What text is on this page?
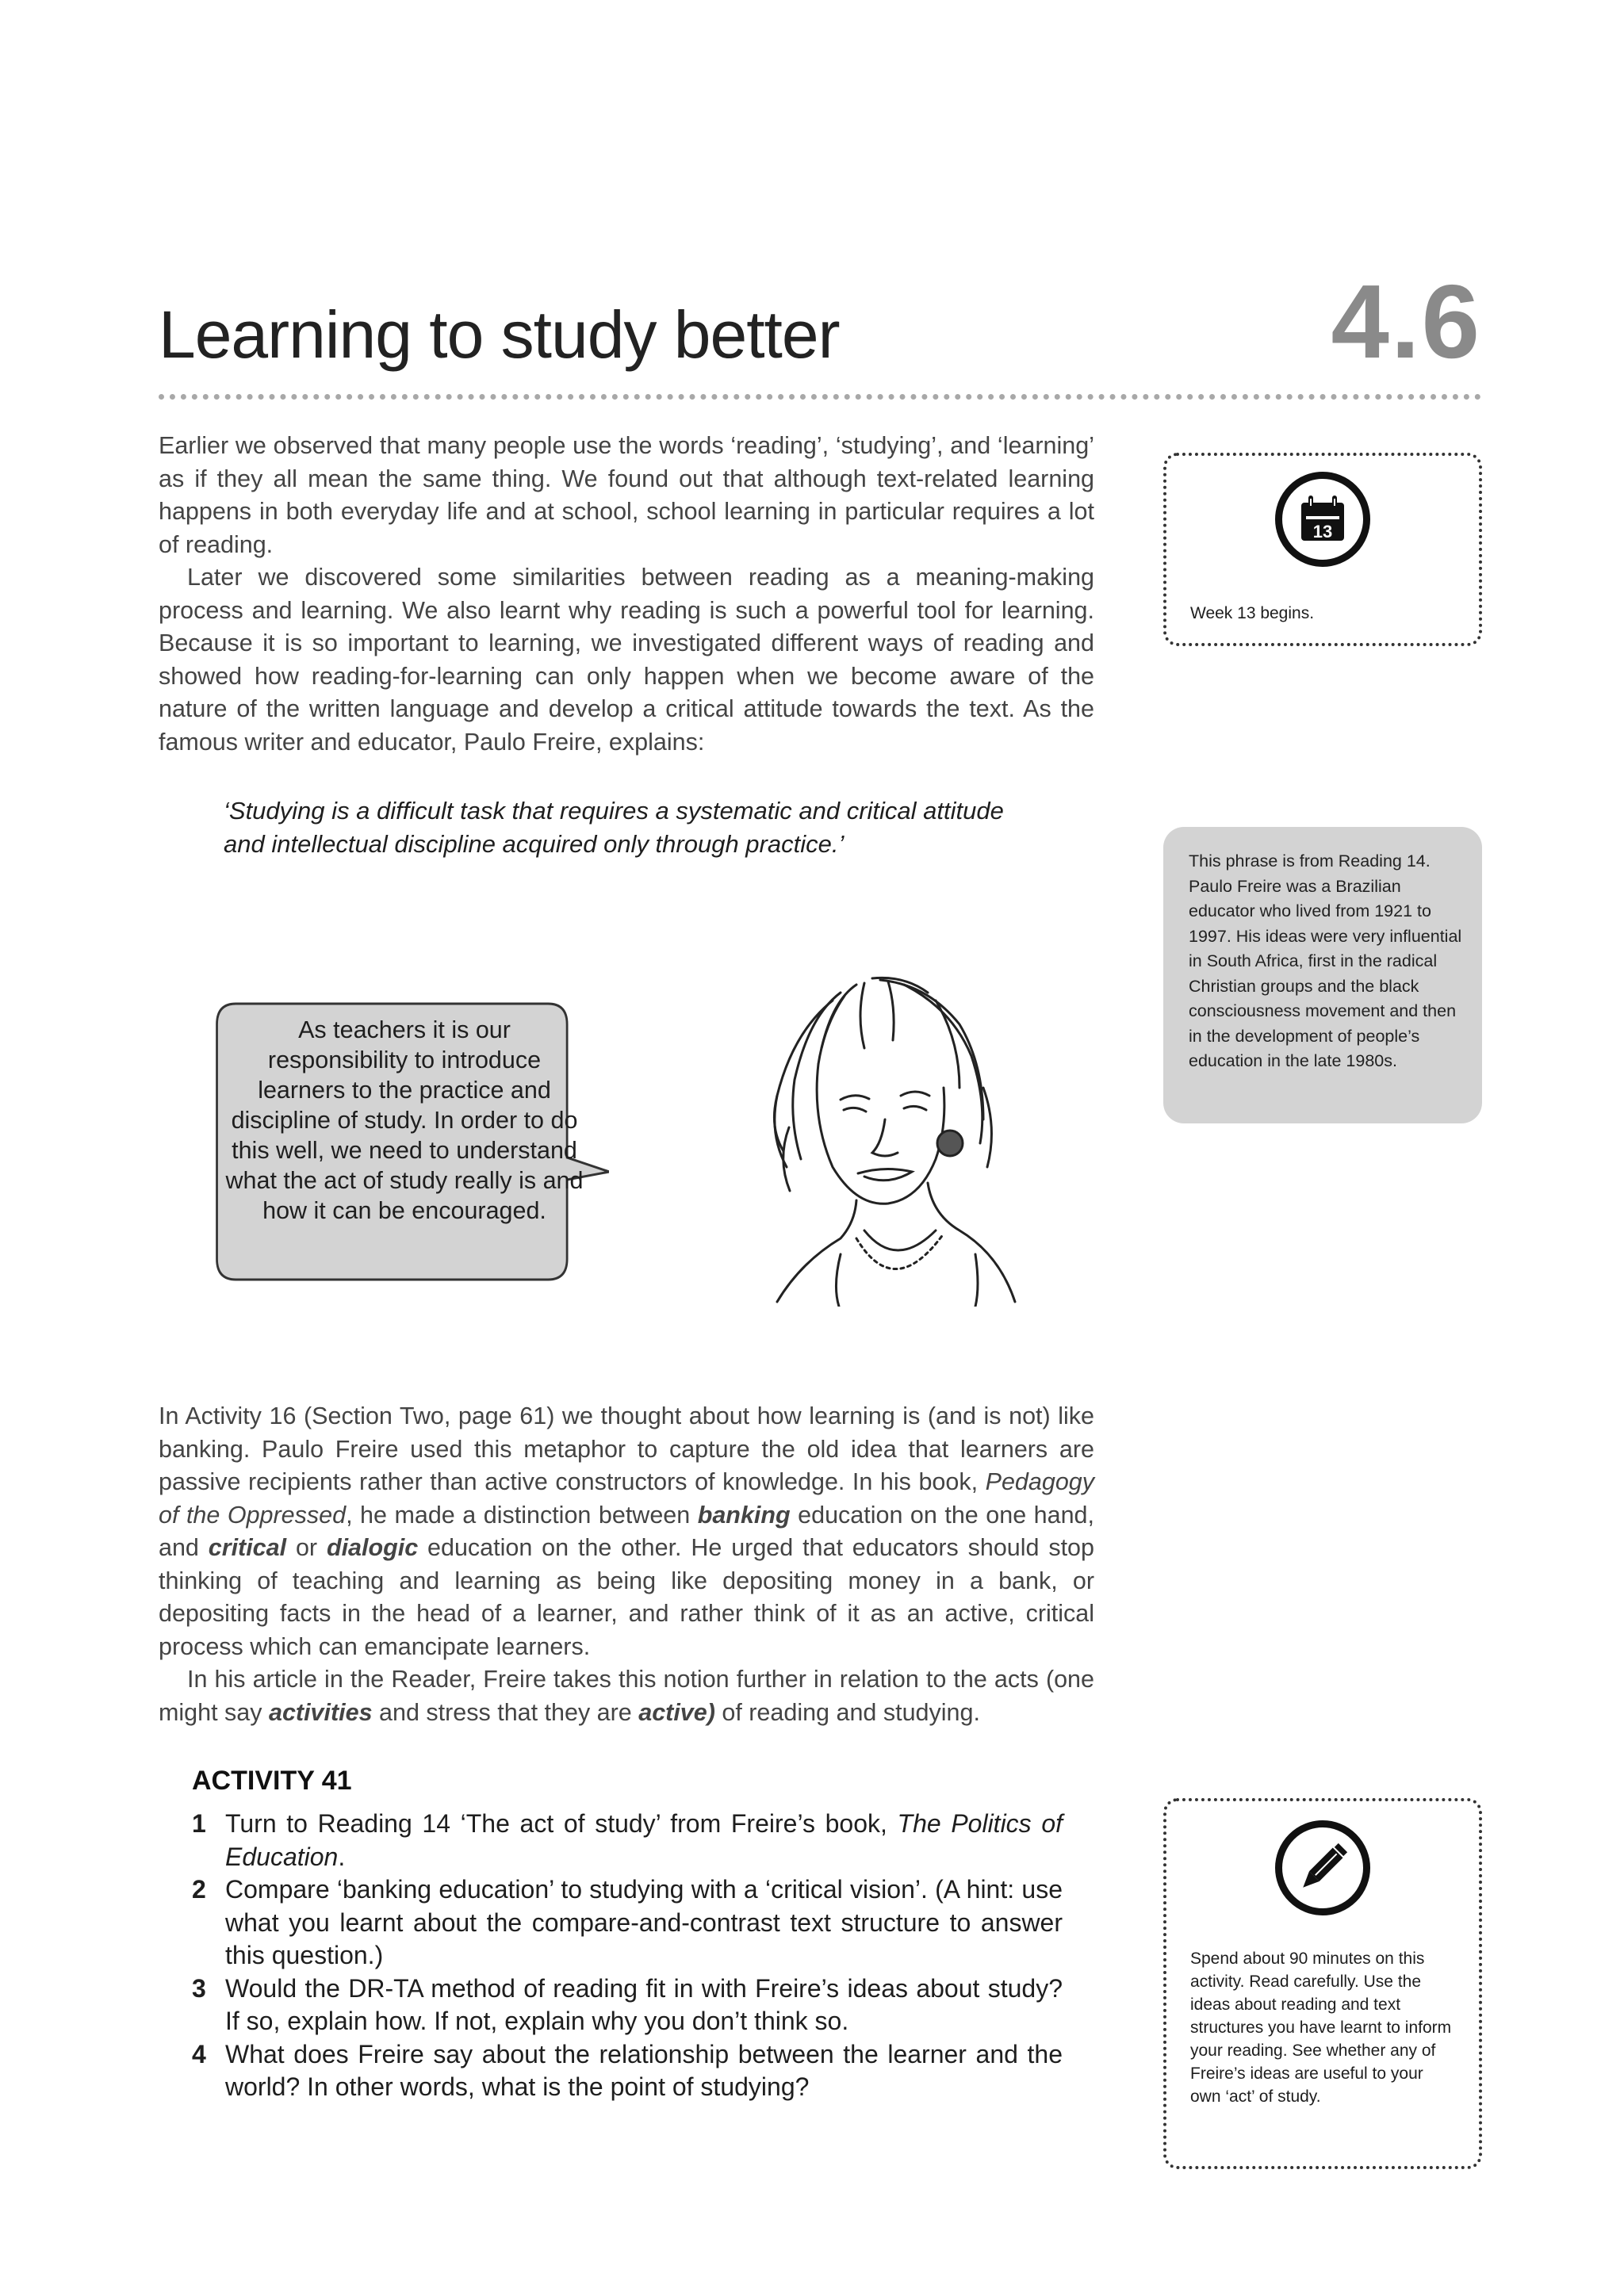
Learning to study better	4.6

Earlier we observed that many people use the words ‘reading’, ‘studying’, and ‘learning’ as if they all mean the same thing. We found out that although text-related learning happens in both everyday life and at school, school learning in particular requires a lot of reading.

Later we discovered some similarities between reading as a meaning-making process and learning. We also learnt why reading is such a powerful tool for learning. Because it is so important to learning, we investigated different ways of reading and showed how reading-for-learning can only happen when we become aware of the nature of the written language and develop a critical attitude towards the text. As the famous writer and educator, Paulo Freire, explains:

‘Studying is a difficult task that requires a systematic and critical attitude and intellectual discipline acquired only through practice.’

13
Week 13 begins.
This phrase is from Reading 14. Paulo Freire was a Brazilian educator who lived from 1921 to 1997. His ideas were very influential in South Africa, first in the radical Christian groups and the black consciousness movement and then in the development of people’s education in the late 1980s.
As teachers it is our responsibility to introduce learners to the practice and discipline of study. In order to do this well, we need to understand what the act of study really is and how it can be encouraged.

In Activity 16 (Section Two, page 61) we thought about how learning is (and is not) like banking. Paulo Freire used this metaphor to capture the old idea that learners are passive recipients rather than active constructors of knowledge. In his book, Pedagogy of the Oppressed, he made a distinction between banking education on the one hand, and critical or dialogic education on the other. He urged that educators should stop thinking of teaching and learning as being like depositing money in a bank, or depositing facts in the head of a learner, and rather think of it as an active, critical process which can emancipate learners.

In his article in the Reader, Freire takes this notion further in relation to the acts (one might say activities and stress that they are active) of reading and studying.

ACTIVITY 41
1 Turn to Reading 14 ‘The act of study’ from Freire’s book, The Politics of Education.

2 Compare ‘banking education’ to studying with a ‘critical vision’. (A hint: use what you learnt about the compare-and-contrast text structure to answer this question.)

3 Would the DR-TA method of reading fit in with Freire’s ideas about study? If so, explain how. If not, explain why you don’t think so.

4 What does Freire say about the relationship between the learner and the world? In other words, what is the point of studying?

Spend about 90 minutes on this activity. Read carefully. Use the ideas about reading and text structures you have learnt to inform your reading. See whether any of Freire’s ideas are useful to your own ‘act’ of study.
